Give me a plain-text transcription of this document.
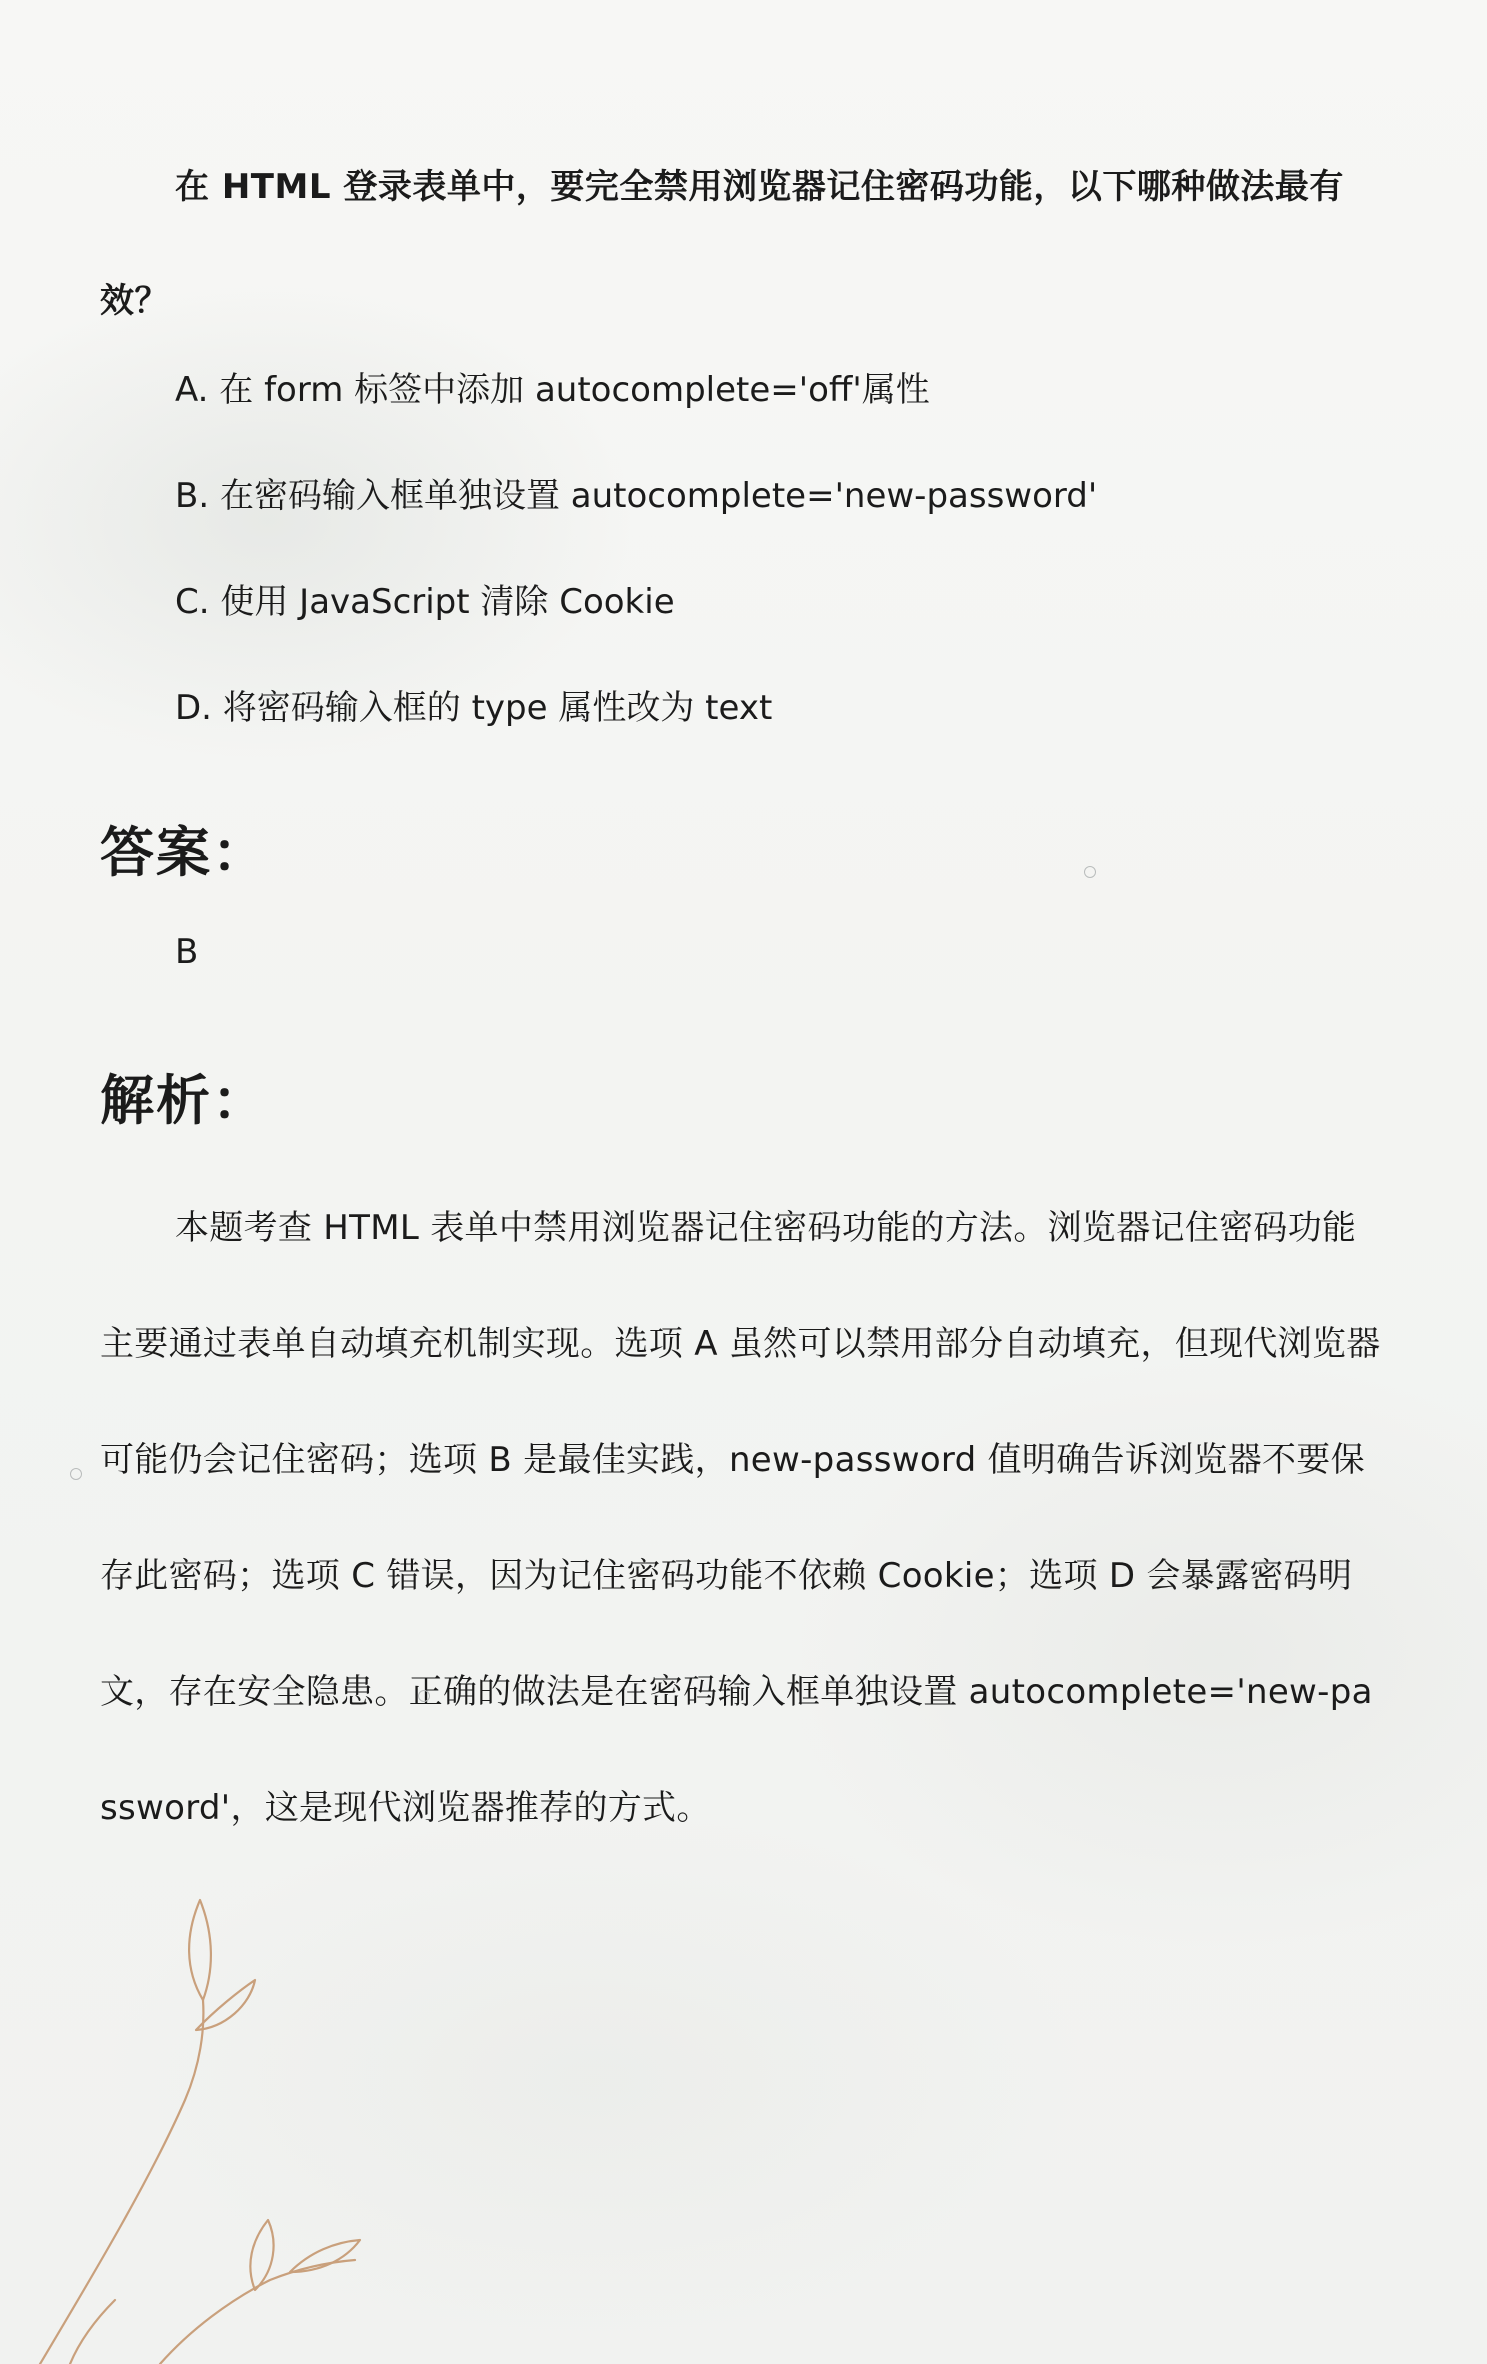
在 HTML 登录表单中，要完全禁用浏览器记住密码功能，以下哪种做法最有效？
A. 在 form 标签中添加 autocomplete='off'属性
B. 在密码输入框单独设置 autocomplete='new-password'
C. 使用 JavaScript 清除 Cookie
D. 将密码输入框的 type 属性改为 text
答案：
B
解析：
本题考查 HTML 表单中禁用浏览器记住密码功能的方法。浏览器记住密码功能主要通过表单自动填充机制实现。选项 A 虽然可以禁用部分自动填充，但现代浏览器可能仍会记住密码；选项 B 是最佳实践，new-password 值明确告诉浏览器不要保存此密码；选项 C 错误，因为记住密码功能不依赖 Cookie；选项 D 会暴露密码明文，存在安全隐患。正确的做法是在密码输入框单独设置 autocomplete='new-password'，这是现代浏览器推荐的方式。
